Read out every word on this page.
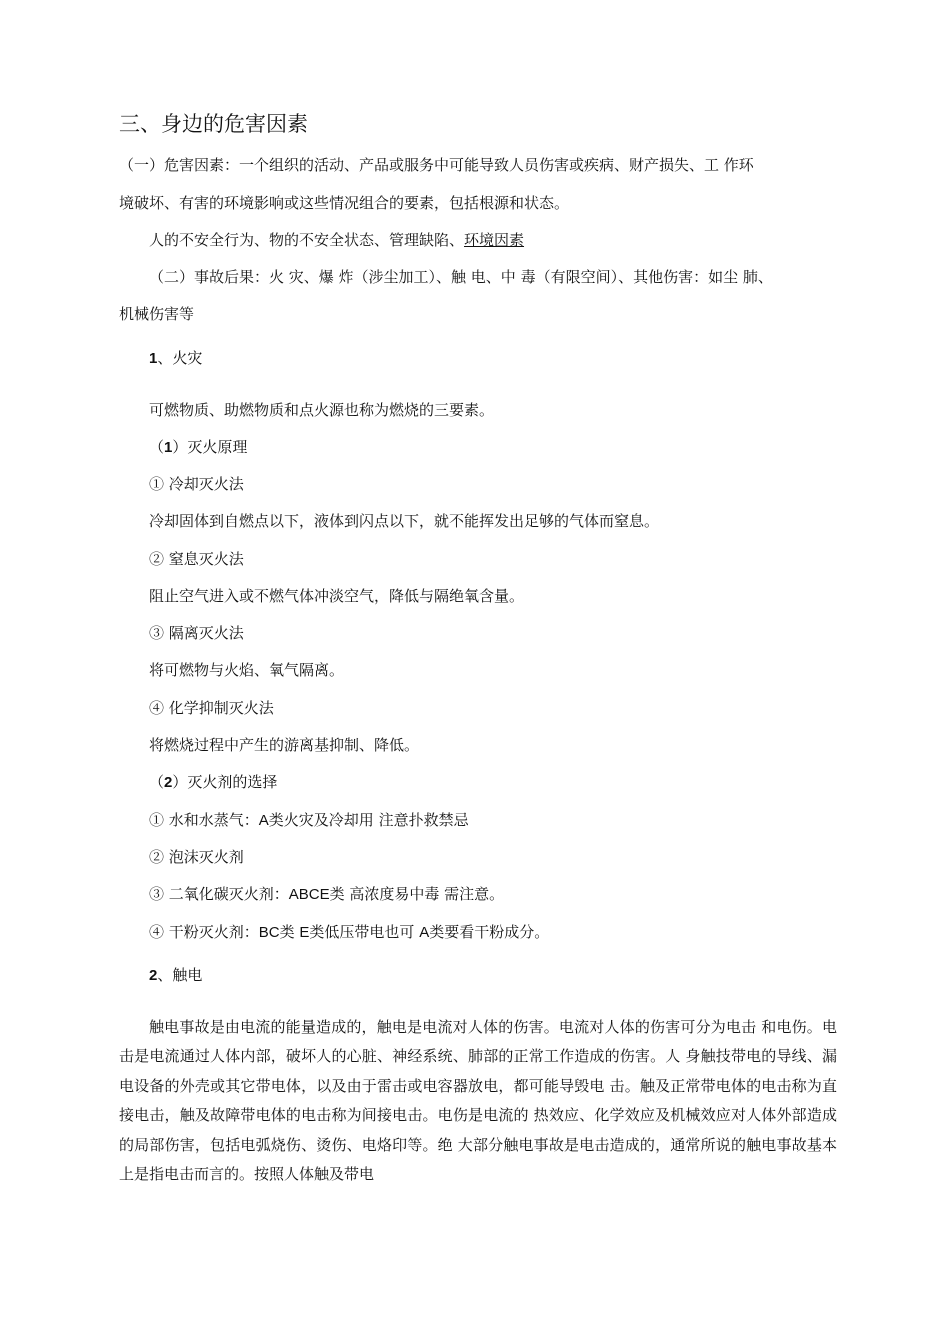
三、身边的危害因素
（一）危害因素：一个组织的活动、产品或服务中可能导致人员伤害或疾病、财产损失、工 作环
境破坏、有害的环境影响或这些情况组合的要素，包括根源和状态。
人的不安全行为、物的不安全状态、管理缺陷、环境因素
（二）事故后果：火 灾、爆 炸（涉尘加工）、触 电、中 毒（有限空间）、其他伤害：如尘 肺、
机械伤害等
1、火灾
可燃物质、助燃物质和点火源也称为燃烧的三要素。
（1）灭火原理
① 冷却灭火法
冷却固体到自燃点以下，液体到闪点以下，就不能挥发出足够的气体而窒息。
② 窒息灭火法
阻止空气进入或不燃气体冲淡空气，降低与隔绝氧含量。
③ 隔离灭火法
将可燃物与火焰、氧气隔离。
④ 化学抑制灭火法
将燃烧过程中产生的游离基抑制、降低。
（2）灭火剂的选择
① 水和水蒸气：A类火灾及冷却用 注意扑救禁忌
② 泡沫灭火剂
③ 二氧化碳灭火剂：ABCE类 高浓度易中毒 需注意。
④ 干粉灭火剂：BC类 E类低压带电也可 A类要看干粉成分。
2、触电
触电事故是由电流的能量造成的，触电是电流对人体的伤害。电流对人体的伤害可分为电击 和电伤。电击是电流通过人体内部，破坏人的心脏、神经系统、肺部的正常工作造成的伤害。人 身触技带电的导线、漏电设备的外壳或其它带电体，以及由于雷击或电容器放电，都可能导毁电 击。触及正常带电体的电击称为直接电击，触及故障带电体的电击称为间接电击。电伤是电流的 热效应、化学效应及机械效应对人体外部造成的局部伤害，包括电弧烧伤、烫伤、电烙印等。绝 大部分触电事故是电击造成的，通常所说的触电事故基本上是指电击而言的。按照人体触及带电
